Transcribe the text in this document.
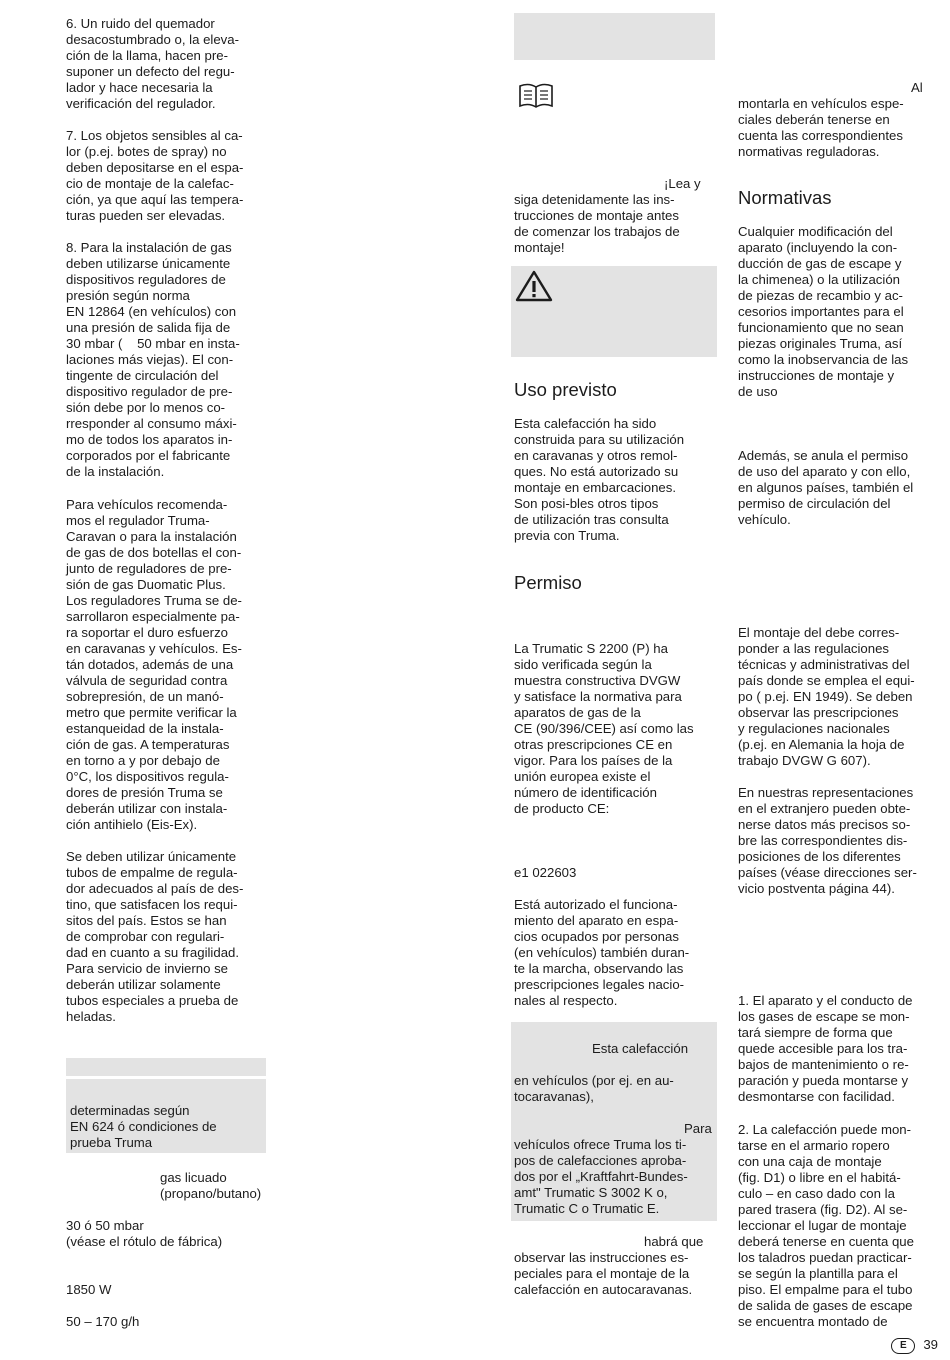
6. Un ruido del quemador
desacostumbrado o, la eleva-
ción de la llama, hacen pre-
suponer un defecto del regu-
lador y hace necesaria la
verificación del regulador.

7. Los objetos sensibles al ca-
lor (p.ej. botes de spray) no
deben depositarse en el espa-
cio de montaje de la calefac-
ción, ya que aquí las tempera-
turas pueden ser elevadas.

8. Para la instalación de gas
deben utilizarse únicamente
dispositivos reguladores de
presión según norma
EN 12864 (en vehículos) con
una presión de salida fija de
30 mbar (    50 mbar en insta-
laciones más viejas). El con-
tingente de circulación del
dispositivo regulador de pre-
sión debe por lo menos co-
rresponder al consumo máxi-
mo de todos los aparatos in-
corporados por el fabricante
de la instalación.

Para vehículos recomenda-
mos el regulador Truma-
Caravan o para la instalación
de gas de dos botellas el con-
junto de reguladores de pre-
sión de gas Duomatic Plus.
Los reguladores Truma se de-
sarrollaron especialmente pa-
ra soportar el duro esfuerzo
en caravanas y vehículos. Es-
tán dotados, además de una
válvula de seguridad contra
sobrepresión, de un manó-
metro que permite verificar la
estanqueidad de la instala-
ción de gas. A temperaturas
en torno a y por debajo de
0°C, los dispositivos regula-
dores de presión Truma se
deberán utilizar con instala-
ción antihielo (Eis-Ex).

Se deben utilizar únicamente
tubos de empalme de regula-
dor adecuados al país de des-
tino, que satisfacen los requi-
sitos del país. Estos se han
de comprobar con regulari-
dad en cuanto a su fragilidad.
Para servicio de invierno se
deberán utilizar solamente
tubos especiales a prueba de
heladas.

determinadas según
EN 624 ó condiciones de
prueba Truma

gas licuado
(propano/butano)

30 ó 50 mbar
(véase el rótulo de fábrica)

1850 W

50 – 170 g/h

¡Lea y

siga detenidamente las ins-
trucciones de montaje antes
de comenzar los trabajos de
montaje!

Uso previsto

Esta calefacción ha sido
construida para su utilización
en caravanas y otros remol-
ques. No está autorizado su
montaje en embarcaciones.
Son posi-bles otros tipos
de utilización tras consulta
previa con Truma.

Permiso

La Trumatic S 2200 (P) ha
sido verificada según la
muestra constructiva DVGW
y satisface la normativa para
aparatos de gas de la
CE (90/396/CEE) así como las
otras prescripciones CE en
vigor. Para los países de la
unión europea existe el
número de identificación
de producto CE:

e1 022603

Está autorizado el funciona-
miento del aparato en espa-
cios ocupados por personas
(en vehículos) también duran-
te la marcha, observando las
prescripciones legales nacio-
nales al respecto.

Esta calefacción

en vehículos (por ej. en au-
tocaravanas),

Para

vehículos ofrece Truma los ti-
pos de calefacciones aproba-
dos por el „Kraftfahrt-Bundes-
amt" Trumatic S 3002 K o,
Trumatic C o Trumatic E.

habrá que

observar las instrucciones es-
peciales para el montaje de la
calefacción en autocaravanas.

Al

montarla en vehículos espe-
ciales deberán tenerse en
cuenta las correspondientes
normativas reguladoras.

Normativas

Cualquier modificación del
aparato (incluyendo la con-
ducción de gas de escape y
la chimenea) o la utilización
de piezas de recambio y ac-
cesorios importantes para el
funcionamiento que no sean
piezas originales Truma, así
como la inobservancia de las
instrucciones de montaje y
de uso

Además, se anula el permiso
de uso del aparato y con ello,
en algunos países, también el
permiso de circulación del
vehículo.

El montaje del debe corres-
ponder a las regulaciones
técnicas y administrativas del
país donde se emplea el equi-
po ( p.ej. EN 1949). Se deben
observar las prescripciones
y regulaciones nacionales
(p.ej. en Alemania la hoja de
trabajo DVGW G 607).

En nuestras representaciones
en el extranjero pueden obte-
nerse datos más precisos so-
bre las correspondientes dis-
posiciones de los diferentes
países (véase direcciones ser-
vicio postventa página 44).

1. El aparato y el conducto de
los gases de escape se mon-
tará siempre de forma que
quede accesible para los tra-
bajos de mantenimiento o re-
paración y pueda montarse y
desmontarse con facilidad.

2. La calefacción puede mon-
tarse en el armario ropero
con una caja de montaje
(fig. D1) o libre en el habitá-
culo – en caso dado con la
pared trasera (fig. D2). Al se-
leccionar el lugar de montaje
deberá tenerse en cuenta que
los taladros puedan practicar-
se según la plantilla para el
piso. El empalme para el tubo
de salida de gases de escape
se encuentra montado de

E 39
